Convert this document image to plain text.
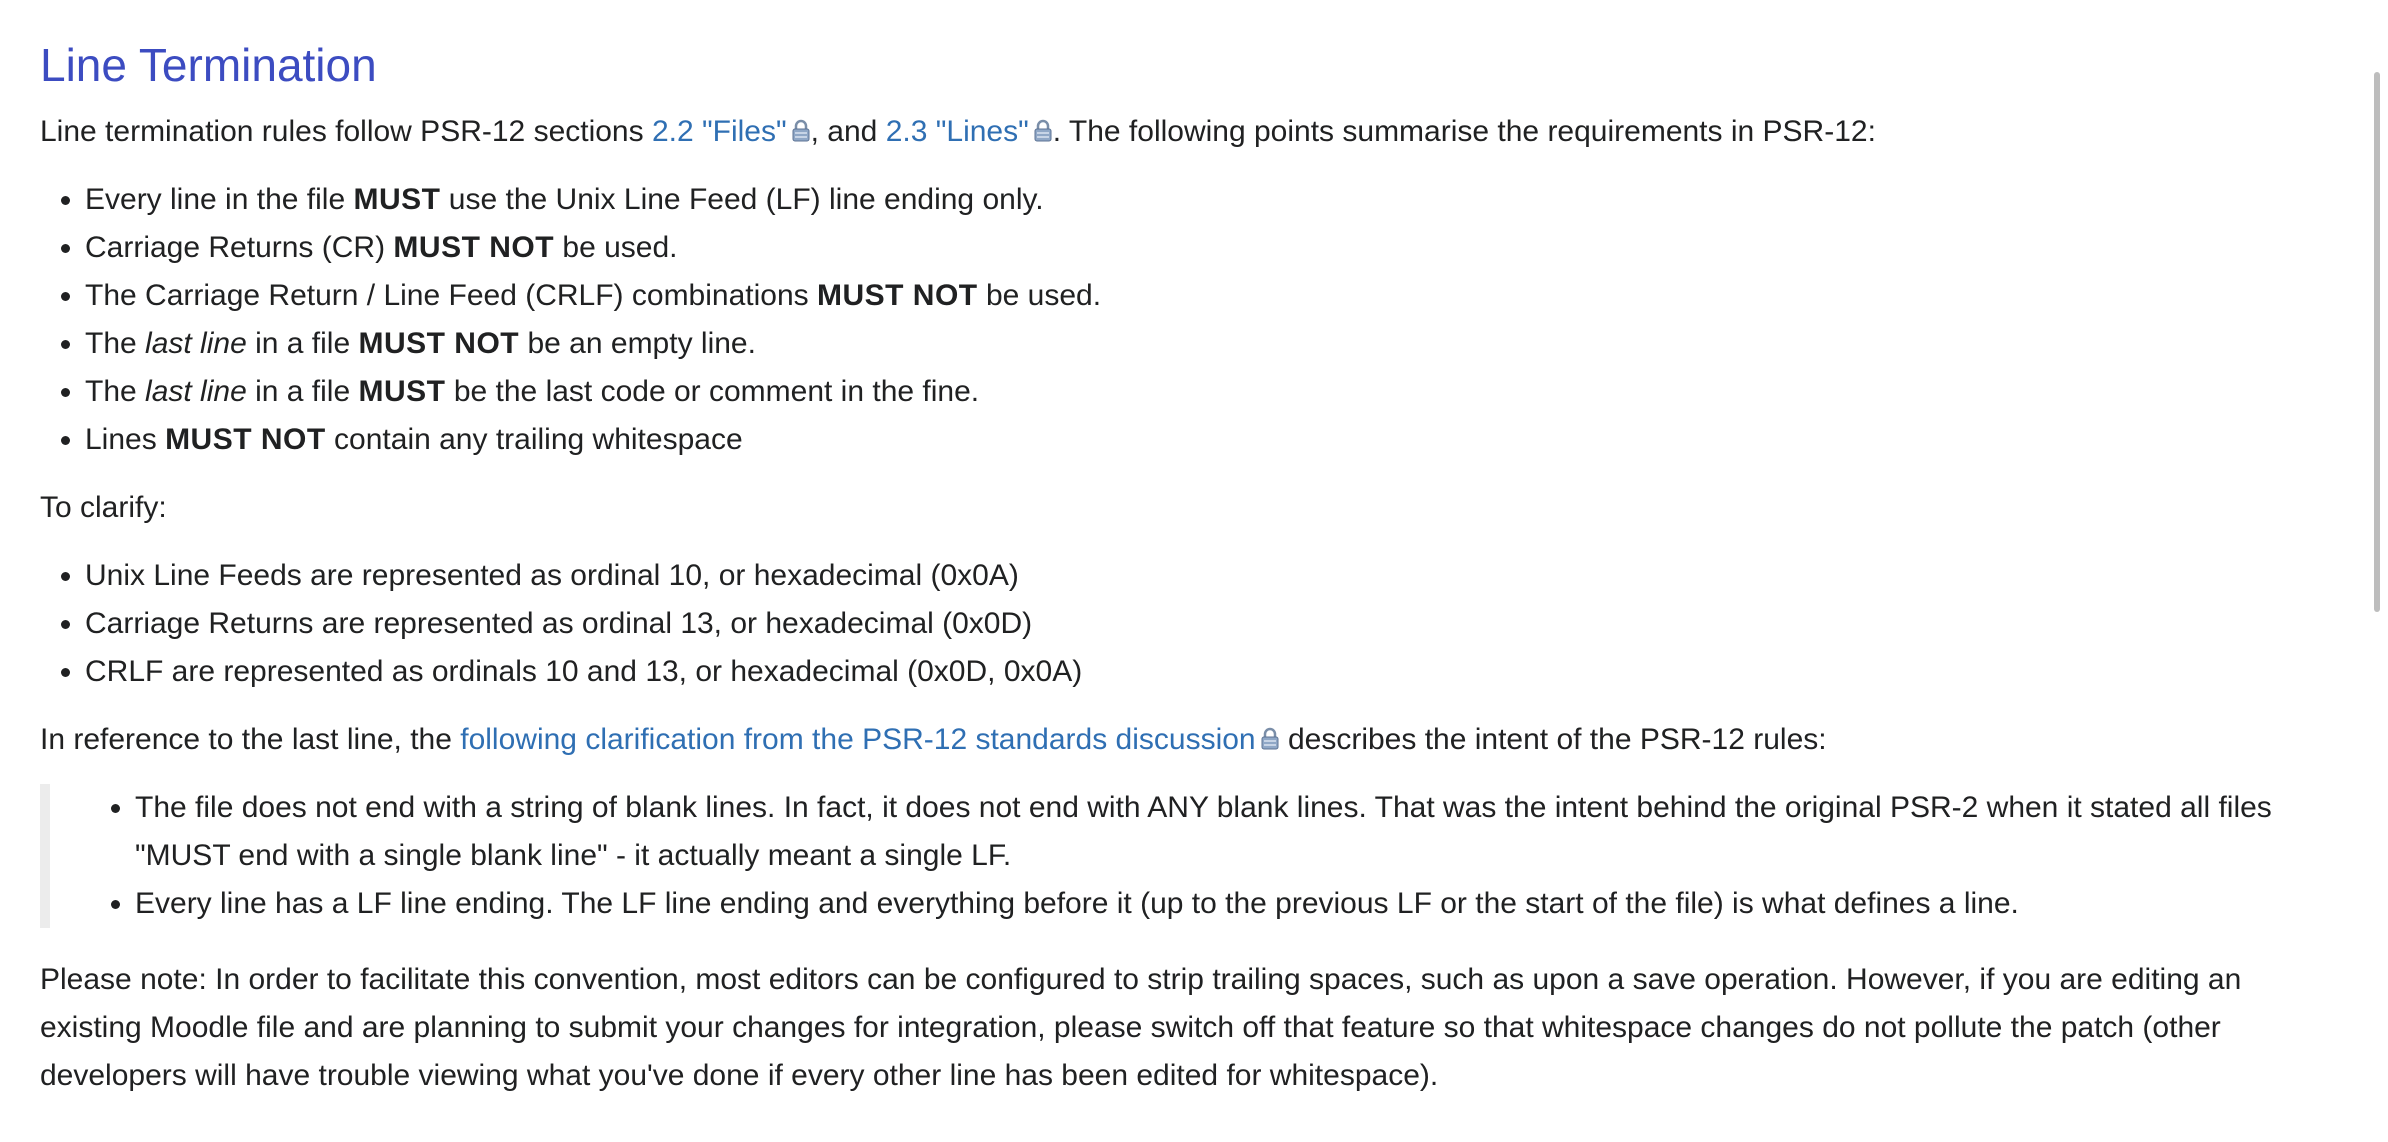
Line Termination

Line termination rules follow PSR-12 sections 2.2 "Files" , and 2.3 "Lines" . The following points summarise the requirements in PSR-12:

• Every line in the file MUST use the Unix Line Feed (LF) line ending only.
• Carriage Returns (CR) MUST NOT be used.
• The Carriage Return / Line Feed (CRLF) combinations MUST NOT be used.
• The last line in a file MUST NOT be an empty line.
• The last line in a file MUST be the last code or comment in the fine.
• Lines MUST NOT contain any trailing whitespace

To clarify:

• Unix Line Feeds are represented as ordinal 10, or hexadecimal (0x0A)
• Carriage Returns are represented as ordinal 13, or hexadecimal (0x0D)
• CRLF are represented as ordinals 10 and 13, or hexadecimal (0x0D, 0x0A)

In reference to the last line, the following clarification from the PSR-12 standards discussion describes the intent of the PSR-12 rules:

• The file does not end with a string of blank lines. In fact, it does not end with ANY blank lines. That was the intent behind the original PSR-2 when it stated all files "MUST end with a single blank line" - it actually meant a single LF.
• Every line has a LF line ending. The LF line ending and everything before it (up to the previous LF or the start of the file) is what defines a line.

Please note: In order to facilitate this convention, most editors can be configured to strip trailing spaces, such as upon a save operation. However, if you are editing an existing Moodle file and are planning to submit your changes for integration, please switch off that feature so that whitespace changes do not pollute the patch (other developers will have trouble viewing what you've done if every other line has been edited for whitespace).
